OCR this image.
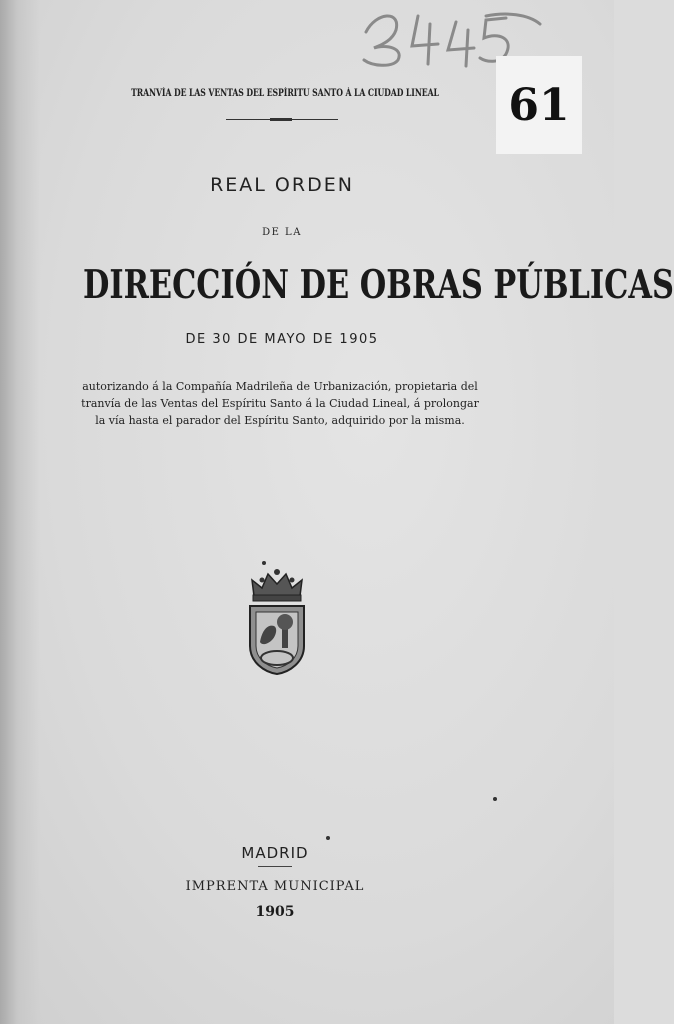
61
TRANVÍA DE LAS VENTAS DEL ESPÍRITU SANTO Á LA CIUDAD LINEAL
REAL ORDEN
DE LA
DIRECCIÓN DE OBRAS PÚBLICAS
DE 30 DE MAYO DE 1905
autorizando á la Compañía Madrileña de Urbanización, propietaria del
tranvía de las Ventas del Espíritu Santo á la Ciudad Lineal, á prolongar
la vía hasta el parador del Espíritu Santo, adquirido por la misma.
MADRID
IMPRENTA MUNICIPAL
1905
